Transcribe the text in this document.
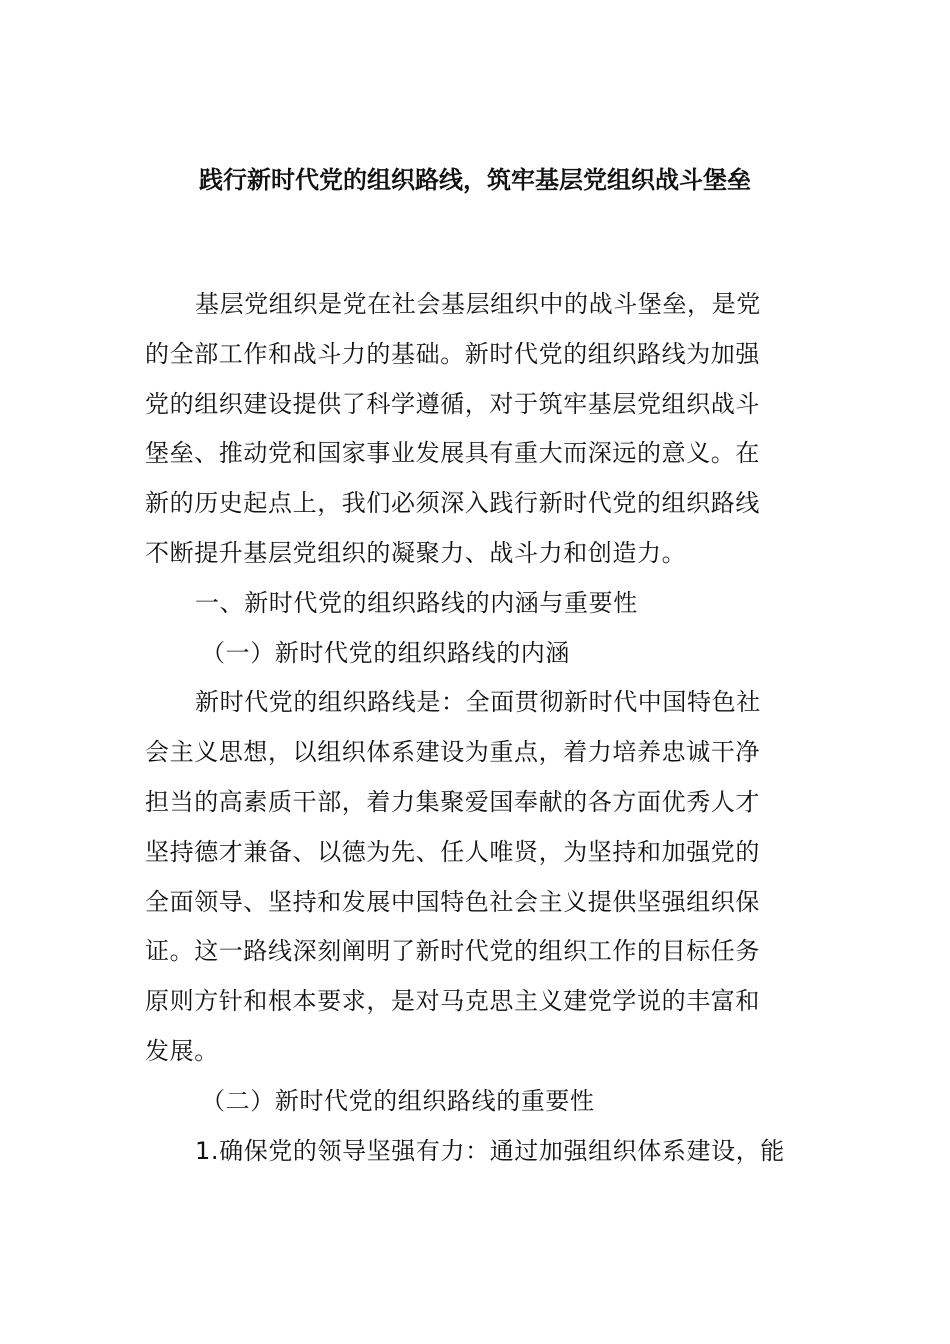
践行新时代党的组织路线，筑牢基层党组织战斗堡垒

基层党组织是党在社会基层组织中的战斗堡垒，是党

的全部工作和战斗力的基础。新时代党的组织路线为加强

党的组织建设提供了科学遵循，对于筑牢基层党组织战斗

堡垒、推动党和国家事业发展具有重大而深远的意义。在

新的历史起点上，我们必须深入践行新时代党的组织路线

不断提升基层党组织的凝聚力、战斗力和创造力。

一、新时代党的组织路线的内涵与重要性

（一）新时代党的组织路线的内涵

新时代党的组织路线是：全面贯彻新时代中国特色社

会主义思想，以组织体系建设为重点，着力培养忠诚干净

担当的高素质干部，着力集聚爱国奉献的各方面优秀人才

坚持德才兼备、以德为先、任人唯贤，为坚持和加强党的

全面领导、坚持和发展中国特色社会主义提供坚强组织保

证。这一路线深刻阐明了新时代党的组织工作的目标任务

原则方针和根本要求，是对马克思主义建党学说的丰富和

发展。

（二）新时代党的组织路线的重要性

1.确保党的领导坚强有力：通过加强组织体系建设，能
